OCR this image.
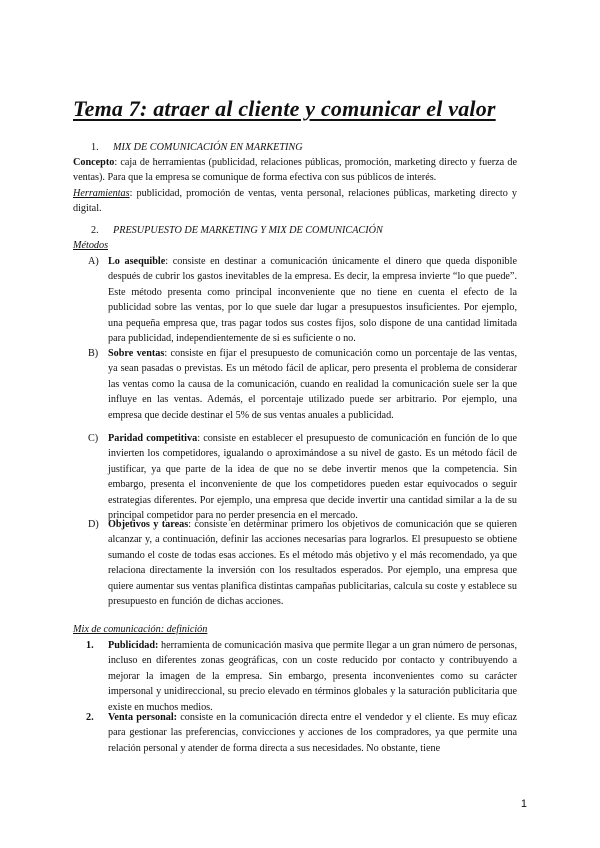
Tema 7: atraer al cliente y comunicar el valor
1. MIX DE COMUNICACIÓN EN MARKETING
Concepto: caja de herramientas (publicidad, relaciones públicas, promoción, marketing directo y fuerza de ventas). Para que la empresa se comunique de forma efectiva con sus públicos de interés.
Herramientas: publicidad, promoción de ventas, venta personal, relaciones públicas, marketing directo y digital.
2. PRESUPUESTO DE MARKETING Y MIX DE COMUNICACIÓN
Métodos
A) Lo asequible: consiste en destinar a comunicación únicamente el dinero que queda disponible después de cubrir los gastos inevitables de la empresa. Es decir, la empresa invierte “lo que puede”. Este método presenta como principal inconveniente que no tiene en cuenta el efecto de la publicidad sobre las ventas, por lo que suele dar lugar a presupuestos insuficientes. Por ejemplo, una pequeña empresa que, tras pagar todos sus costes fijos, solo dispone de una cantidad limitada para publicidad, independientemente de si es suficiente o no.
B) Sobre ventas: consiste en fijar el presupuesto de comunicación como un porcentaje de las ventas, ya sean pasadas o previstas. Es un método fácil de aplicar, pero presenta el problema de considerar las ventas como la causa de la comunicación, cuando en realidad la comunicación suele ser la que influye en las ventas. Además, el porcentaje utilizado puede ser arbitrario. Por ejemplo, una empresa que decide destinar el 5% de sus ventas anuales a publicidad.
C) Paridad competitiva: consiste en establecer el presupuesto de comunicación en función de lo que invierten los competidores, igualando o aproximándose a su nivel de gasto. Es un método fácil de justificar, ya que parte de la idea de que no se debe invertir menos que la competencia. Sin embargo, presenta el inconveniente de que los competidores pueden estar equivocados o seguir estrategias diferentes. Por ejemplo, una empresa que decide invertir una cantidad similar a la de su principal competidor para no perder presencia en el mercado.
D) Objetivos y tareas: consiste en determinar primero los objetivos de comunicación que se quieren alcanzar y, a continuación, definir las acciones necesarias para lograrlos. El presupuesto se obtiene sumando el coste de todas esas acciones. Es el método más objetivo y el más recomendado, ya que relaciona directamente la inversión con los resultados esperados. Por ejemplo, una empresa que quiere aumentar sus ventas planifica distintas campañas publicitarias, calcula su coste y establece su presupuesto en función de dichas acciones.
Mix de comunicación: definición
1. Publicidad: herramienta de comunicación masiva que permite llegar a un gran número de personas, incluso en diferentes zonas geográficas, con un coste reducido por contacto y contribuyendo a mejorar la imagen de la empresa. Sin embargo, presenta inconvenientes como su carácter impersonal y unidireccional, su precio elevado en términos globales y la saturación publicitaria que existe en muchos medios.
2. Venta personal: consiste en la comunicación directa entre el vendedor y el cliente. Es muy eficaz para gestionar las preferencias, convicciones y acciones de los compradores, ya que permite una relación personal y atender de forma directa a sus necesidades. No obstante, tiene
1
